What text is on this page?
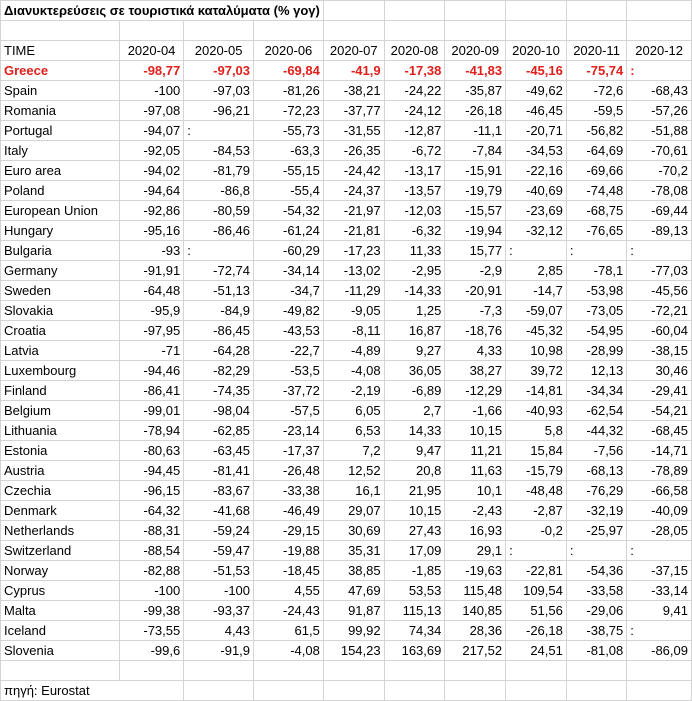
Διανυκτερεύσεις σε τουριστικά καταλύματα (% γογ)									

TIME	2020-04	2020-05	2020-06	2020-07	2020-08	2020-09	2020-10	2020-11	2020-12
Greece	-98,77	-97,03	-69,84	-41,9	-17,38	-41,83	-45,16	-75,74	:
Spain	-100	-97,03	-81,26	-38,21	-24,22	-35,87	-49,62	-72,6	-68,43
Romania	-97,08	-96,21	-72,23	-37,77	-24,12	-26,18	-46,45	-59,5	-57,26
Portugal	-94,07	:	-55,73	-31,55	-12,87	-11,1	-20,71	-56,82	-51,88
Italy	-92,05	-84,53	-63,3	-26,35	-6,72	-7,84	-34,53	-64,69	-70,61
Euro area	-94,02	-81,79	-55,15	-24,42	-13,17	-15,91	-22,16	-69,66	-70,2
Poland	-94,64	-86,8	-55,4	-24,37	-13,57	-19,79	-40,69	-74,48	-78,08
European Union	-92,86	-80,59	-54,32	-21,97	-12,03	-15,57	-23,69	-68,75	-69,44
Hungary	-95,16	-86,46	-61,24	-21,81	-6,32	-19,94	-32,12	-76,65	-89,13
Bulgaria	-93	:	-60,29	-17,23	11,33	15,77	:	:	:
Germany	-91,91	-72,74	-34,14	-13,02	-2,95	-2,9	2,85	-78,1	-77,03
Sweden	-64,48	-51,13	-34,7	-11,29	-14,33	-20,91	-14,7	-53,98	-45,56
Slovakia	-95,9	-84,9	-49,82	-9,05	1,25	-7,3	-59,07	-73,05	-72,21
Croatia	-97,95	-86,45	-43,53	-8,11	16,87	-18,76	-45,32	-54,95	-60,04
Latvia	-71	-64,28	-22,7	-4,89	9,27	4,33	10,98	-28,99	-38,15
Luxembourg	-94,46	-82,29	-53,5	-4,08	36,05	38,27	39,72	12,13	30,46
Finland	-86,41	-74,35	-37,72	-2,19	-6,89	-12,29	-14,81	-34,34	-29,41
Belgium	-99,01	-98,04	-57,5	6,05	2,7	-1,66	-40,93	-62,54	-54,21
Lithuania	-78,94	-62,85	-23,14	6,53	14,33	10,15	5,8	-44,32	-68,45
Estonia	-80,63	-63,45	-17,37	7,2	9,47	11,21	15,84	-7,56	-14,71
Austria	-94,45	-81,41	-26,48	12,52	20,8	11,63	-15,79	-68,13	-78,89
Czechia	-96,15	-83,67	-33,38	16,1	21,95	10,1	-48,48	-76,29	-66,58
Denmark	-64,32	-41,68	-46,49	29,07	10,15	-2,43	-2,87	-32,19	-40,09
Netherlands	-88,31	-59,24	-29,15	30,69	27,43	16,93	-0,2	-25,97	-28,05
Switzerland	-88,54	-59,47	-19,88	35,31	17,09	29,1	:	:	:
Norway	-82,88	-51,53	-18,45	38,85	-1,85	-19,63	-22,81	-54,36	-37,15
Cyprus	-100	-100	4,55	47,69	53,53	115,48	109,54	-33,58	-33,14
Malta	-99,38	-93,37	-24,43	91,87	115,13	140,85	51,56	-29,06	9,41
Iceland	-73,55	4,43	61,5	99,92	74,34	28,36	-26,18	-38,75	:
Slovenia	-99,6	-91,9	-4,08	154,23	163,69	217,52	24,51	-81,08	-86,09

πηγή: Eurostat									
